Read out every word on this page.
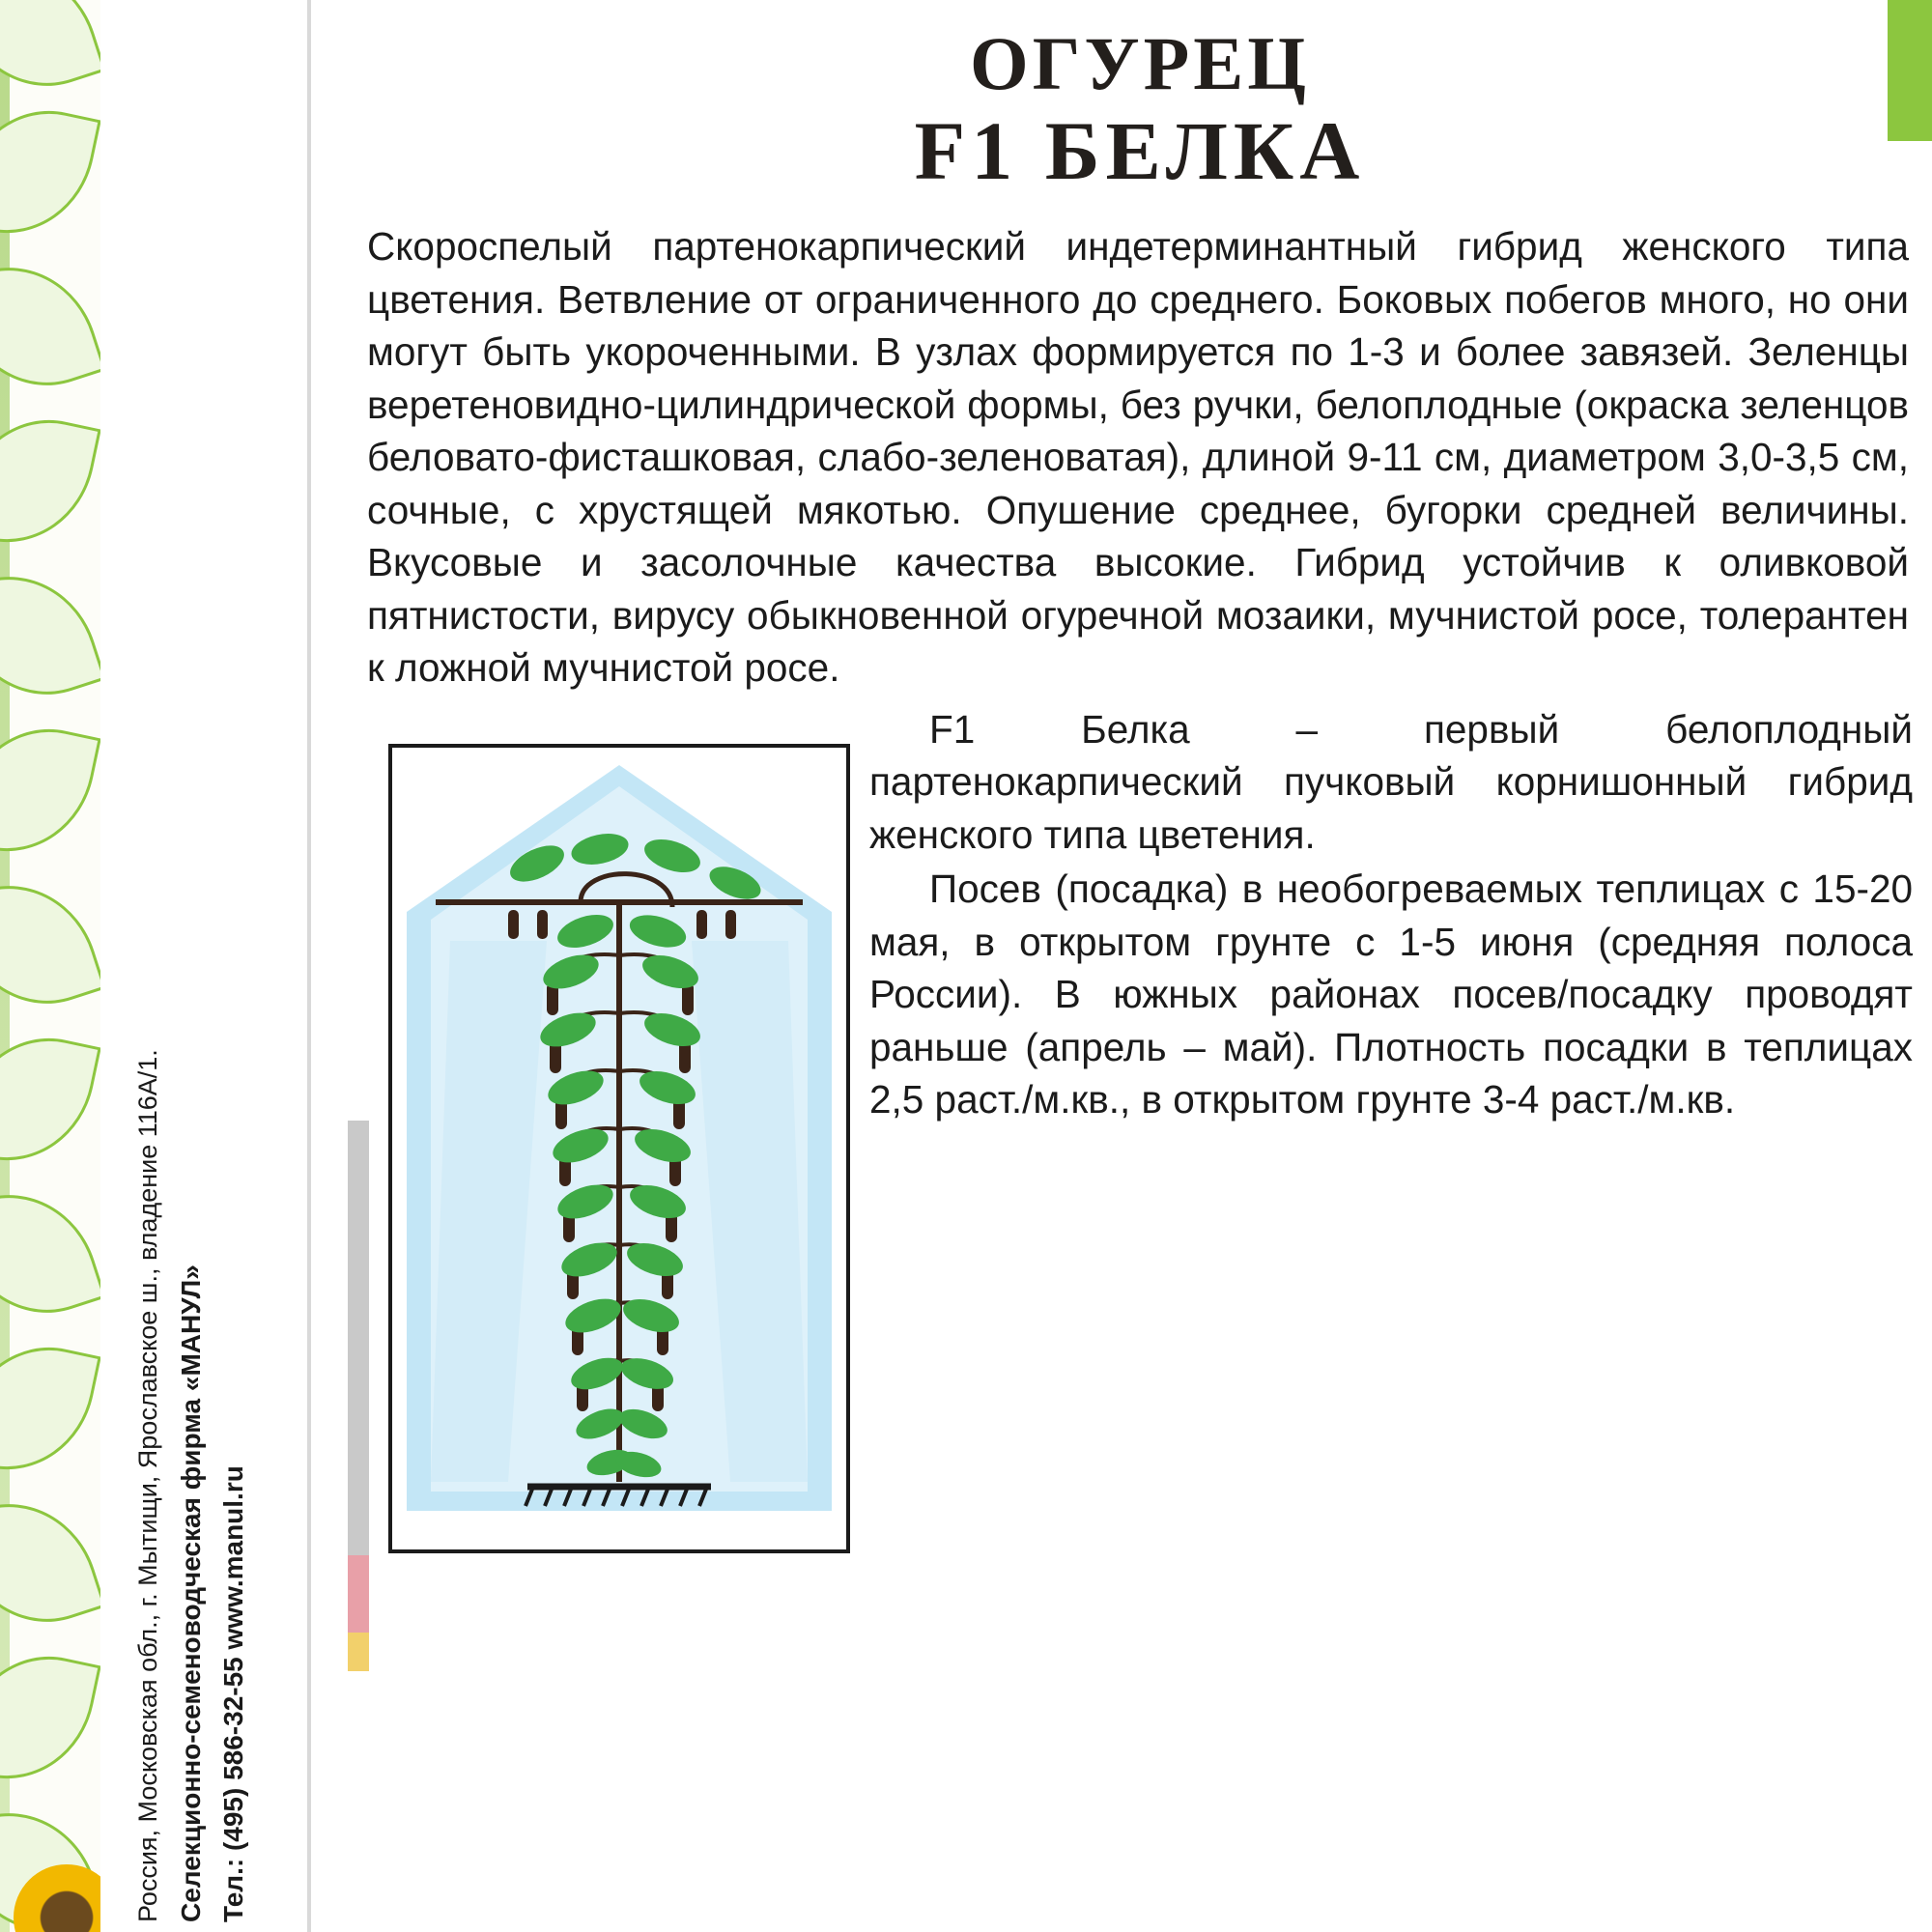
Россия, Московская обл., г. Мытищи, Ярославское ш., владение 116А/1. Селекционно-семеноводческая фирма «МАНУЛ» Тел.: (495) 586-32-55 www.manul.ru
ОГУРЕЦ
F1 БЕЛКА

Скороспелый партенокарпический индетерминантный гибрид женского типа цветения. Ветвление от ограниченного до среднего. Боковых побегов много, но они могут быть укороченными. В узлах формируется по 1-3 и более завязей. Зеленцы веретеновидно-цилиндрической формы, без ручки, белоплодные (окраска зеленцов беловато-фисташковая, слабо-зеленоватая), длиной 9-11 см, диаметром 3,0-3,5 см, сочные, с хрустящей мякотью. Опушение среднее, бугорки средней величины. Вкусовые и засолочные качества высокие. Гибрид устойчив к оливковой пятнистости, вирусу обыкновенной огуречной мозаики, мучнистой росе, толерантен к ложной мучнистой росе.

F1 Белка – первый белоплодный партенокарпический пучковый корнишонный гибрид женского типа цветения.

Посев (посадка) в необогреваемых теплицах с 15-20 мая, в открытом грунте с 1-5 июня (средняя полоса России). В южных районах посев/посадку проводят раньше (апрель – май). Плотность посадки в теплицах 2,5 раст./м.кв., в открытом грунте 3-4 раст./м.кв.
